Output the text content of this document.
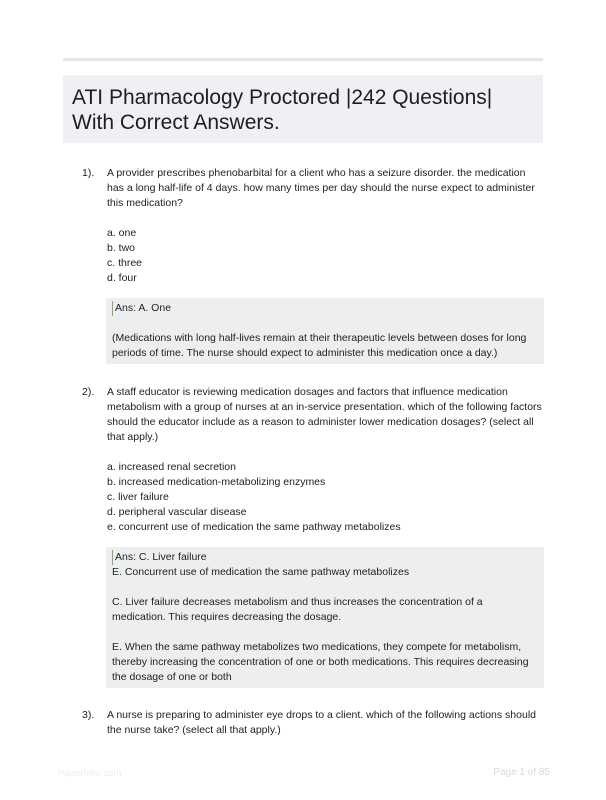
ATI Pharmacology Proctored |242 Questions| With Correct Answers.
1). A provider prescribes phenobarbital for a client who has a seizure disorder. the medication has a long half-life of 4 days. how many times per day should the nurse expect to administer this medication?

a. one
b. two
c. three
d. four

Ans: A. One

(Medications with long half-lives remain at their therapeutic levels between doses for long periods of time. The nurse should expect to administer this medication once a day.)

2). A staff educator is reviewing medication dosages and factors that influence medication metabolism with a group of nurses at an in-service presentation. which of the following factors should the educator include as a reason to administer lower medication dosages? (select all that apply.)

a. increased renal secretion
b. increased medication-metabolizing enzymes
c. liver failure
d. peripheral vascular disease
e. concurrent use of medication the same pathway metabolizes

Ans: C. Liver failure

E. Concurrent use of medication the same pathway metabolizes

C. Liver failure decreases metabolism and thus increases the concentration of a medication. This requires decreasing the dosage.

E. When the same pathway metabolizes two medications, they compete for metabolism, thereby increasing the concentration of one or both medications. This requires decreasing the dosage of one or both

3). A nurse is preparing to administer eye drops to a client. which of the following actions should the nurse take? (select all that apply.)

Paperfolio.com	Page 1 of 85
